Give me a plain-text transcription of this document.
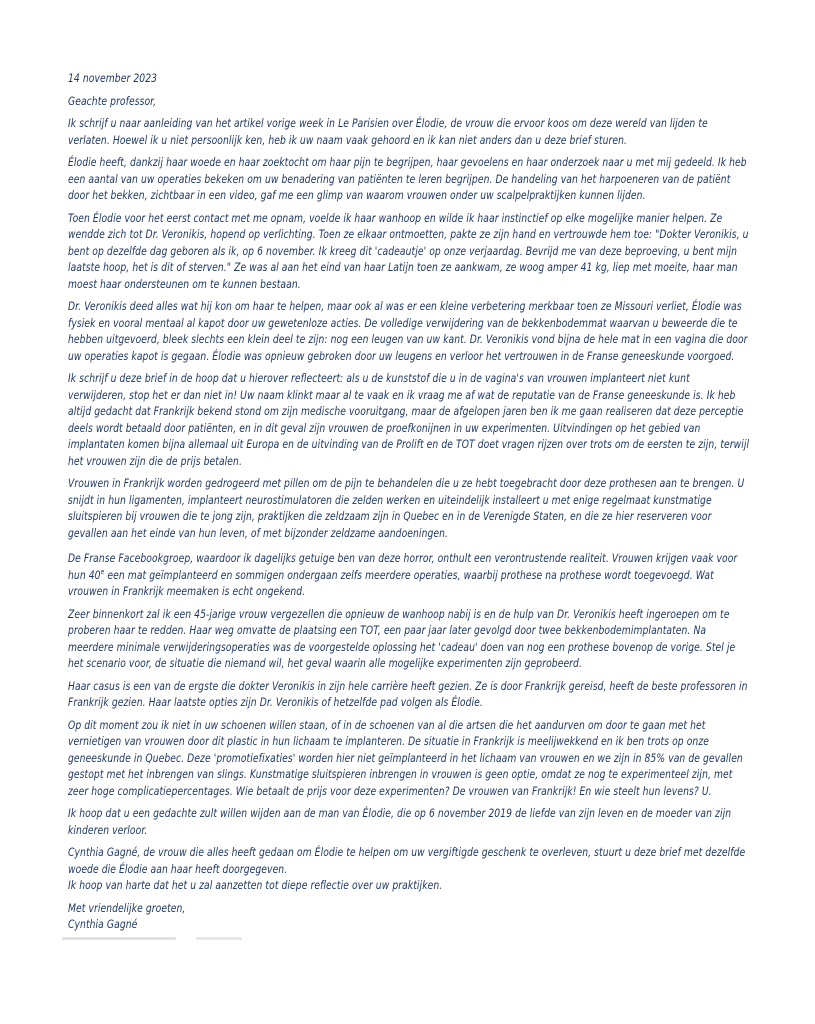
14 november 2023

Geachte professor,

Ik schrijf u naar aanleiding van het artikel vorige week in Le Parisien over Élodie, de vrouw die ervoor koos om deze wereld van lijden te verlaten. Hoewel ik u niet persoonlijk ken, heb ik uw naam vaak gehoord en ik kan niet anders dan u deze brief sturen.

Élodie heeft, dankzij haar woede en haar zoektocht om haar pijn te begrijpen, haar gevoelens en haar onderzoek naar u met mij gedeeld. Ik heb een aantal van uw operaties bekeken om uw benadering van patiënten te leren begrijpen. De handeling van het harpoeneren van de patiënt door het bekken, zichtbaar in een video, gaf me een glimp van waarom vrouwen onder uw scalpelpraktijken kunnen lijden.

Toen Élodie voor het eerst contact met me opnam, voelde ik haar wanhoop en wilde ik haar instinctief op elke mogelijke manier helpen. Ze wendde zich tot Dr. Veronikis, hopend op verlichting. Toen ze elkaar ontmoetten, pakte ze zijn hand en vertrouwde hem toe: "Dokter Veronikis, u bent op dezelfde dag geboren als ik, op 6 november. Ik kreeg dit 'cadeautje' op onze verjaardag. Bevrijd me van deze beproeving, u bent mijn laatste hoop, het is dit of sterven." Ze was al aan het eind van haar Latijn toen ze aankwam, ze woog amper 41 kg, liep met moeite, haar man moest haar ondersteunen om te kunnen bestaan.

Dr. Veronikis deed alles wat hij kon om haar te helpen, maar ook al was er een kleine verbetering merkbaar toen ze Missouri verliet, Élodie was fysiek en vooral mentaal al kapot door uw gewetenloze acties. De volledige verwijdering van de bekkenbodemmat waarvan u beweerde die te hebben uitgevoerd, bleek slechts een klein deel te zijn: nog een leugen van uw kant. Dr. Veronikis vond bijna de hele mat in een vagina die door uw operaties kapot is gegaan. Élodie was opnieuw gebroken door uw leugens en verloor het vertrouwen in de Franse geneeskunde voorgoed.

Ik schrijf u deze brief in de hoop dat u hierover reflecteert: als u de kunststof die u in de vagina's van vrouwen implanteert niet kunt verwijderen, stop het er dan niet in! Uw naam klinkt maar al te vaak en ik vraag me af wat de reputatie van de Franse geneeskunde is. Ik heb altijd gedacht dat Frankrijk bekend stond om zijn medische vooruitgang, maar de afgelopen jaren ben ik me gaan realiseren dat deze perceptie deels wordt betaald door patiënten, en in dit geval zijn vrouwen de proefkonijnen in uw experimenten. Uitvindingen op het gebied van implantaten komen bijna allemaal uit Europa en de uitvinding van de Prolift en de TOT doet vragen rijzen over trots om de eersten te zijn, terwijl het vrouwen zijn die de prijs betalen.

Vrouwen in Frankrijk worden gedrogeerd met pillen om de pijn te behandelen die u ze hebt toegebracht door deze prothesen aan te brengen. U snijdt in hun ligamenten, implanteert neurostimulatoren die zelden werken en uiteindelijk installeert u met enige regelmaat kunstmatige sluitspieren bij vrouwen die te jong zijn, praktijken die zeldzaam zijn in Quebec en in de Verenigde Staten, en die ze hier reserveren voor gevallen aan het einde van hun leven, of met bijzonder zeldzame aandoeningen.

De Franse Facebookgroep, waardoor ik dagelijks getuige ben van deze horror, onthult een verontrustende realiteit. Vrouwen krijgen vaak voor hun 40e een mat geïmplanteerd en sommigen ondergaan zelfs meerdere operaties, waarbij prothese na prothese wordt toegevoegd. Wat vrouwen in Frankrijk meemaken is echt ongekend.

Zeer binnenkort zal ik een 45-jarige vrouw vergezellen die opnieuw de wanhoop nabij is en de hulp van Dr. Veronikis heeft ingeroepen om te proberen haar te redden. Haar weg omvatte de plaatsing een TOT, een paar jaar later gevolgd door twee bekkenbodemimplantaten. Na meerdere minimale verwijderingsoperaties was de voorgestelde oplossing het 'cadeau' doen van nog een prothese bovenop de vorige. Stel je het scenario voor, de situatie die niemand wil, het geval waarin alle mogelijke experimenten zijn geprobeerd.

Haar casus is een van de ergste die dokter Veronikis in zijn hele carrière heeft gezien. Ze is door Frankrijk gereisd, heeft de beste professoren in Frankrijk gezien. Haar laatste opties zijn Dr. Veronikis of hetzelfde pad volgen als Élodie.

Op dit moment zou ik niet in uw schoenen willen staan, of in de schoenen van al die artsen die het aandurven om door te gaan met het vernietigen van vrouwen door dit plastic in hun lichaam te implanteren. De situatie in Frankrijk is meelijwekkend en ik ben trots op onze geneeskunde in Quebec. Deze 'promotiefixaties' worden hier niet geïmplanteerd in het lichaam van vrouwen en we zijn in 85% van de gevallen gestopt met het inbrengen van slings. Kunstmatige sluitspieren inbrengen in vrouwen is geen optie, omdat ze nog te experimenteel zijn, met zeer hoge complicatiepercentages. Wie betaalt de prijs voor deze experimenten? De vrouwen van Frankrijk! En wie steelt hun levens? U.

Ik hoop dat u een gedachte zult willen wijden aan de man van Élodie, die op 6 november 2019 de liefde van zijn leven en de moeder van zijn kinderen verloor.

Cynthia Gagné, de vrouw die alles heeft gedaan om Élodie te helpen om uw vergiftigde geschenk te overleven, stuurt u deze brief met dezelfde woede die Élodie aan haar heeft doorgegeven.
Ik hoop van harte dat het u zal aanzetten tot diepe reflectie over uw praktijken.

Met vriendelijke groeten,
Cynthia Gagné
